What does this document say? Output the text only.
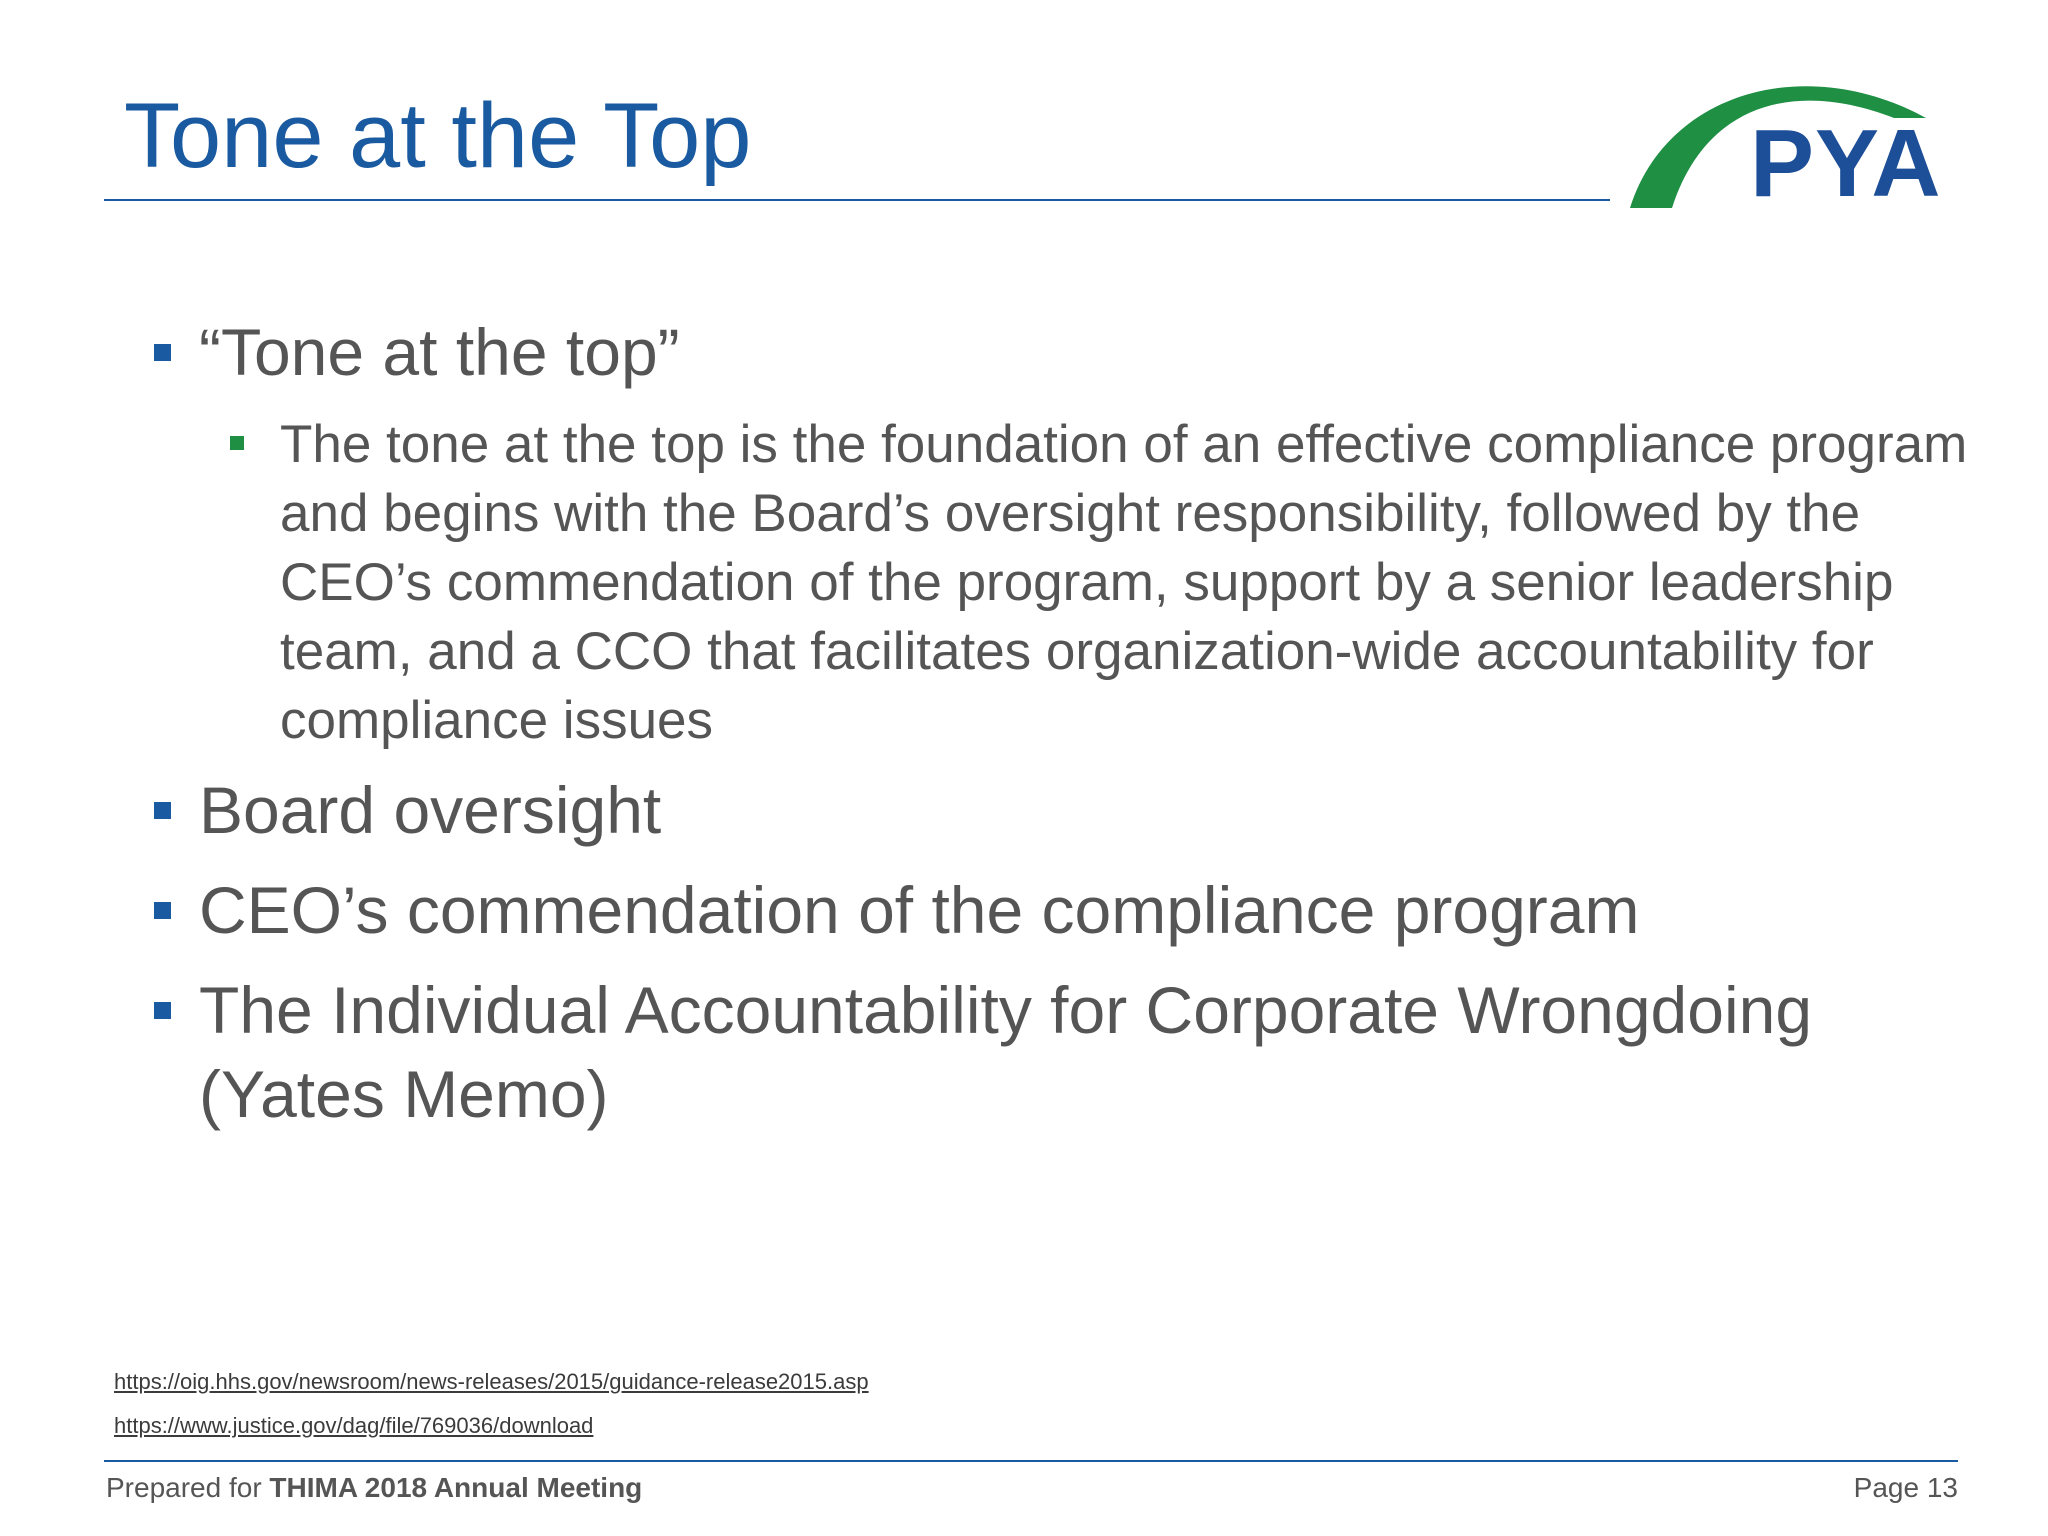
Tone at the Top	PYA
“Tone at the top”
The tone at the top is the foundation of an effective compliance program and begins with the Board’s oversight responsibility, followed by the CEO’s commendation of the program, support by a senior leadership team, and a CCO that facilitates organization-wide accountability for compliance issues
Board oversight
CEO’s commendation of the compliance program
The Individual Accountability for Corporate Wrongdoing
(Yates Memo)
https://oig.hhs.gov/newsroom/news-releases/2015/guidance-release2015.asp
https://www.justice.gov/dag/file/769036/download
Prepared for THIMA 2018 Annual Meeting	Page 13
